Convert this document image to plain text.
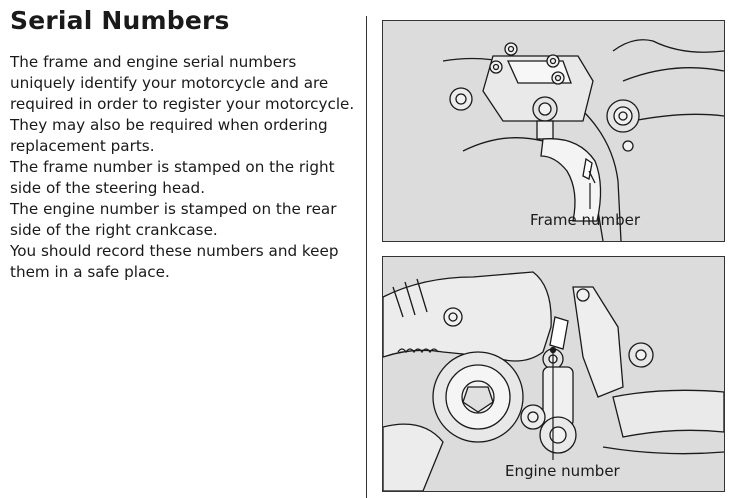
Serial Numbers

The frame and engine serial numbers uniquely identify your motorcycle and are required in order to register your motorcycle. They may also be required when ordering replacement parts.

The frame number is stamped on the right side of the steering head.

The engine number is stamped on the rear side of the right crankcase.

You should record these numbers and keep them in a safe place.

Frame number
Engine number
